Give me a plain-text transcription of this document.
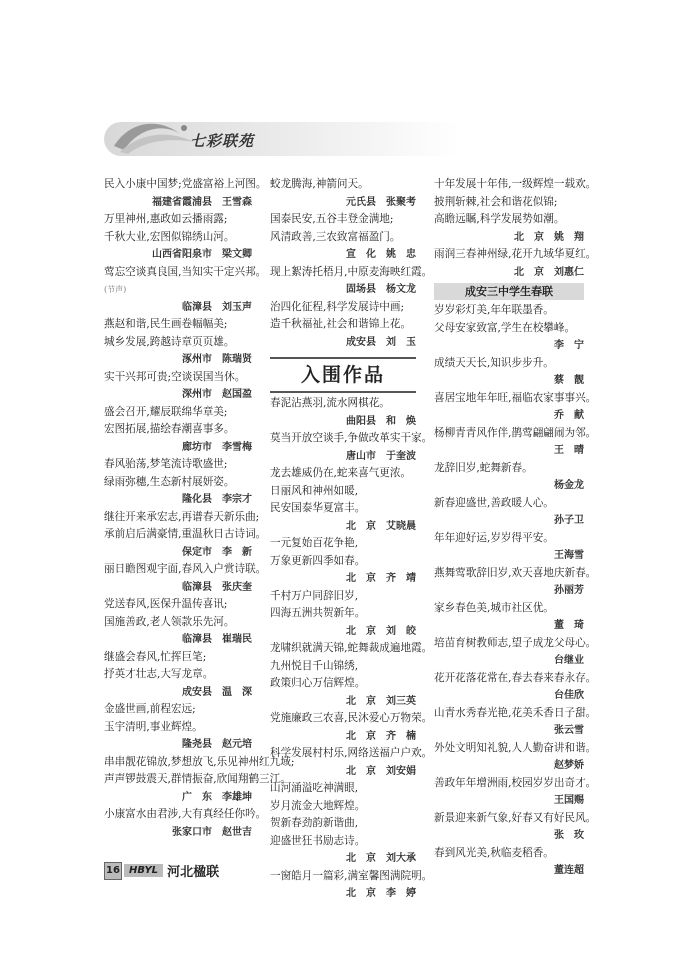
七彩联苑
民入小康中国梦;党盛富裕上河图。
福建省霞浦县　王雪森
万里神州,惠政如云播雨露;
千秋大业,宏图似锦绣山河。
山西省阳泉市　梁文卿
莺忘空谈真良国,当知实干定兴邦。
(节声)
临漳县　刘玉声
燕赵和谐,民生画卷幅幅美;
城乡发展,跨越诗章页页雄。
涿州市　陈瑞贤
实干兴邦可贵;空谈误国当休。
深州市　赵国盈
盛会召开,耀辰联绵华章美;
宏图拓展,描绘春潮喜事多。
廊坊市　李雪梅
春风骀荡,梦笔流诗歌盛世;
绿雨弥穗,生态新村展妍姿。
隆化县　李宗才
继往开来承宏志,再谱春天新乐曲;
承前启后满豪情,重温秋日古诗词。
保定市　李　新
丽日瞻图观宇面,春风入户赏诗联。
临漳县　张庆奎
党送春风,医保升温传喜讯;
国施善政,老人领款乐先河。
临漳县　崔瑞民
继盛会春风,忙挥巨笔;
抒英才壮志,大写龙章。
成安县　温　深
金盛世画,前程宏远;
玉宇清明,事业辉煌。
隆尧县　赵元培
串串靓花锦放,梦想放飞,乐见神州红九域;
声声锣鼓震天,群情振奋,欣闻翔鹤三江。
广　东　李雄坤
小康富水由君涉,大有真经任你吟。
张家口市　赵世吉
蛟龙腾海,神箭问天。
元氏县　张聚考
国泰民安,五谷丰登金满地;
风清政善,三农致富福盈门。
宣　化　姚　忠
现上絮涛托梧月,中原麦海映红霞。
固场县　杨文龙
治四化征程,科学发展诗中画;
造千秋福祉,社会和谐锦上花。
成安县　刘　玉
入围作品
春泥沾燕羽,流水网棋花。
曲阳县　和　焕
莫当开放空谈手,争做改革实干家。
唐山市　于奎波
龙去雄威仍在,蛇来喜气更浓。
日丽风和神州如暖,
民安国泰华夏富丰。
北　京　艾晓晨
一元复始百花争艳,
万象更新四季如春。
北　京　齐　靖
千村万户同辞旧岁,
四海五洲共贺新年。
北　京　刘　皎
龙啸织就满天锦,蛇舞裁成遍地霞。
九州悦目千山锦绣,
政策归心万信辉煌。
北　京　刘三英
党施廉政三农喜,民沐爱心万物荣。
北　京　齐　楠
科学发展村村乐,网络送福户户欢。
北　京　刘安娟
山河涌溢吃神满眼,
岁月流金大地辉煌。
贺新春劲韵新谐曲,
迎盛世狂书励志诗。
北　京　刘大承
一窗皓月一篇彩,满室馨图满院明。
北　京　李　婷
十年发展十年伟,一级辉煌一载欢。
披荆斩棘,社会和谐花似锦;
高瞻远瞩,科学发展势如潮。
北　京　姚　翔
雨润三春神州绿,花开九域华夏红。
北　京　刘惠仁
成安三中学生春联
岁岁彩灯美,年年联墨香。
父母安家致富,学生在校攀峰。
李　宁
成绩天天长,知识步步升。
蔡　靓
喜居宝地年年旺,福临农家事事兴。
乔　献
杨柳青青风作伴,鹊莺翩翩闹为邻。
王　晴
龙辞旧岁,蛇舞新春。
杨金龙
新春迎盛世,善政暖人心。
孙子卫
年年迎好运,岁岁得平安。
王海雪
燕舞莺歌辞旧岁,欢天喜地庆新春。
孙丽芳
家乡春色美,城市社区优。
董　琦
培苗育树教师志,望子成龙父母心。
台继业
花开花落花常在,春去春来春永存。
台佳欣
山青水秀春光艳,花美禾香日子甜。
张云雪
外处文明知礼貌,人人勤奋讲和谐。
赵梦娇
善政年年增洲雨,校园岁岁出奇才。
王国赐
新景迎来新气象,好春又有好民风。
张　玫
春到风光美,秋临麦稻香。
董连超
16 HBYL 河北楹联
